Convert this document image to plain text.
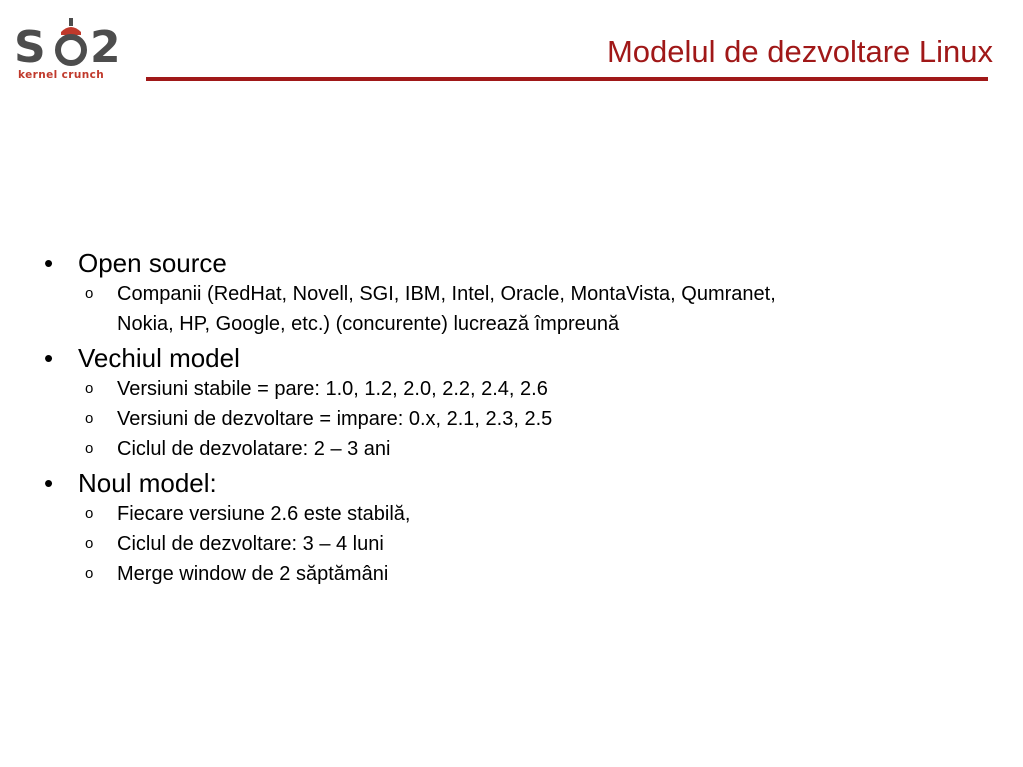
S 2
kernel crunch
Modelul de dezvoltare Linux
• Open source
o Companii (RedHat, Novell, SGI, IBM, Intel, Oracle, MontaVista, Qumranet,
Nokia, HP, Google, etc.) (concurente) lucrează împreună
• Vechiul model
o Versiuni stabile = pare: 1.0, 1.2, 2.0, 2.2, 2.4, 2.6
o Versiuni de dezvoltare = impare: 0.x, 2.1, 2.3, 2.5
o Ciclul de dezvolatare: 2 – 3 ani
• Noul model:
o Fiecare versiune 2.6 este stabilă,
o Ciclul de dezvoltare: 3 – 4 luni
o Merge window de 2 săptămâni
